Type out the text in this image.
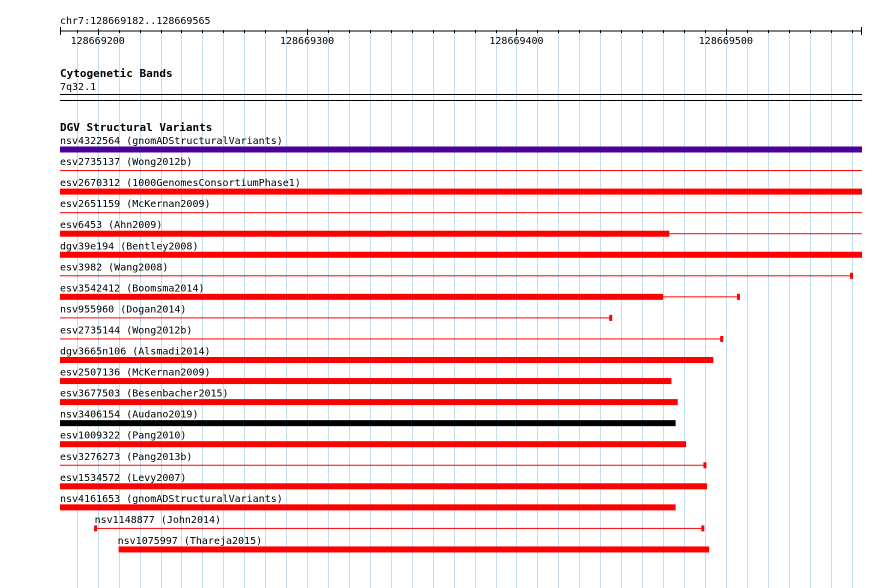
chr7:128669182..128669565
128669200	128669300	128669400	128669500
Cytogenetic Bands
7q32.1
DGV Structural Variants
nsv4322564 (gnomADStructuralVariants)
esv2735137 (Wong2012b)
esv2670312 (1000GenomesConsortiumPhase1)
esv2651159 (McKernan2009)
esv6453 (Ahn2009)
dgv39e194 (Bentley2008)
esv3982 (Wang2008)
esv3542412 (Boomsma2014)
nsv955960 (Dogan2014)
esv2735144 (Wong2012b)
dgv3665n106 (Alsmadi2014)
esv2507136 (McKernan2009)
esv3677503 (Besenbacher2015)
nsv3406154 (Audano2019)
esv1009322 (Pang2010)
esv3276273 (Pang2013b)
esv1534572 (Levy2007)
nsv4161653 (gnomADStructuralVariants)
nsv1148877 (John2014)
nsv1075997 (Thareja2015)
